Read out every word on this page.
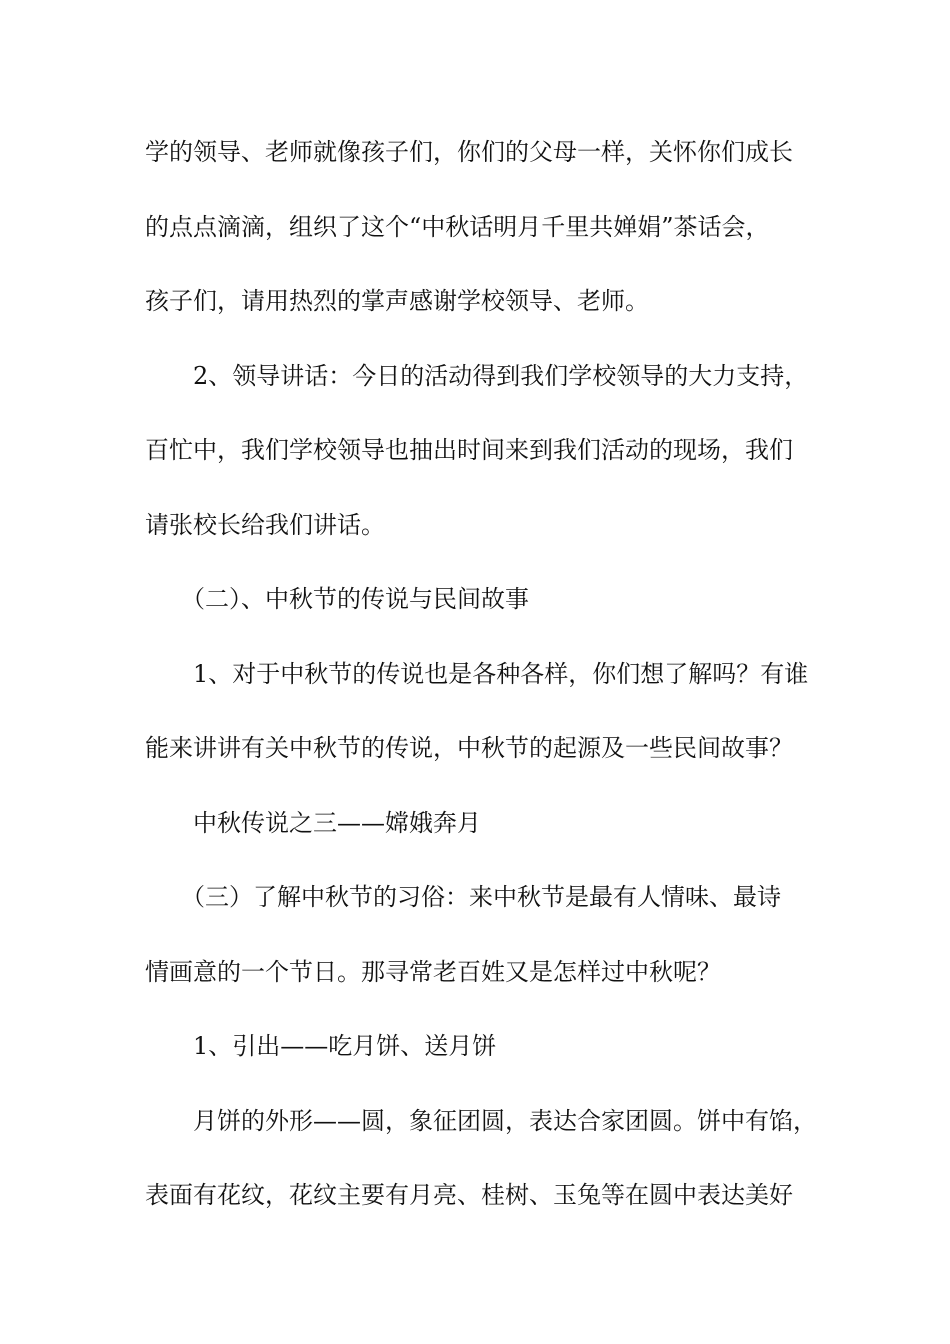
学的领导、老师就像孩子们，你们的父母一样，关怀你们成长
的点点滴滴，组织了这个“中秋话明月千里共婵娟”茶话会，
孩子们，请用热烈的掌声感谢学校领导、老师。
2、领导讲话：今日的活动得到我们学校领导的大力支持，
百忙中，我们学校领导也抽出时间来到我们活动的现场，我们
请张校长给我们讲话。
（二）、中秋节的传说与民间故事
1、对于中秋节的传说也是各种各样，你们想了解吗？有谁
能来讲讲有关中秋节的传说，中秋节的起源及一些民间故事？
中秋传说之三——嫦娥奔月
（三）了解中秋节的习俗：来中秋节是最有人情味、最诗
情画意的一个节日。那寻常老百姓又是怎样过中秋呢？
1、引出——吃月饼、送月饼
月饼的外形——圆，象征团圆，表达合家团圆。饼中有馅，
表面有花纹，花纹主要有月亮、桂树、玉兔等在圆中表达美好
